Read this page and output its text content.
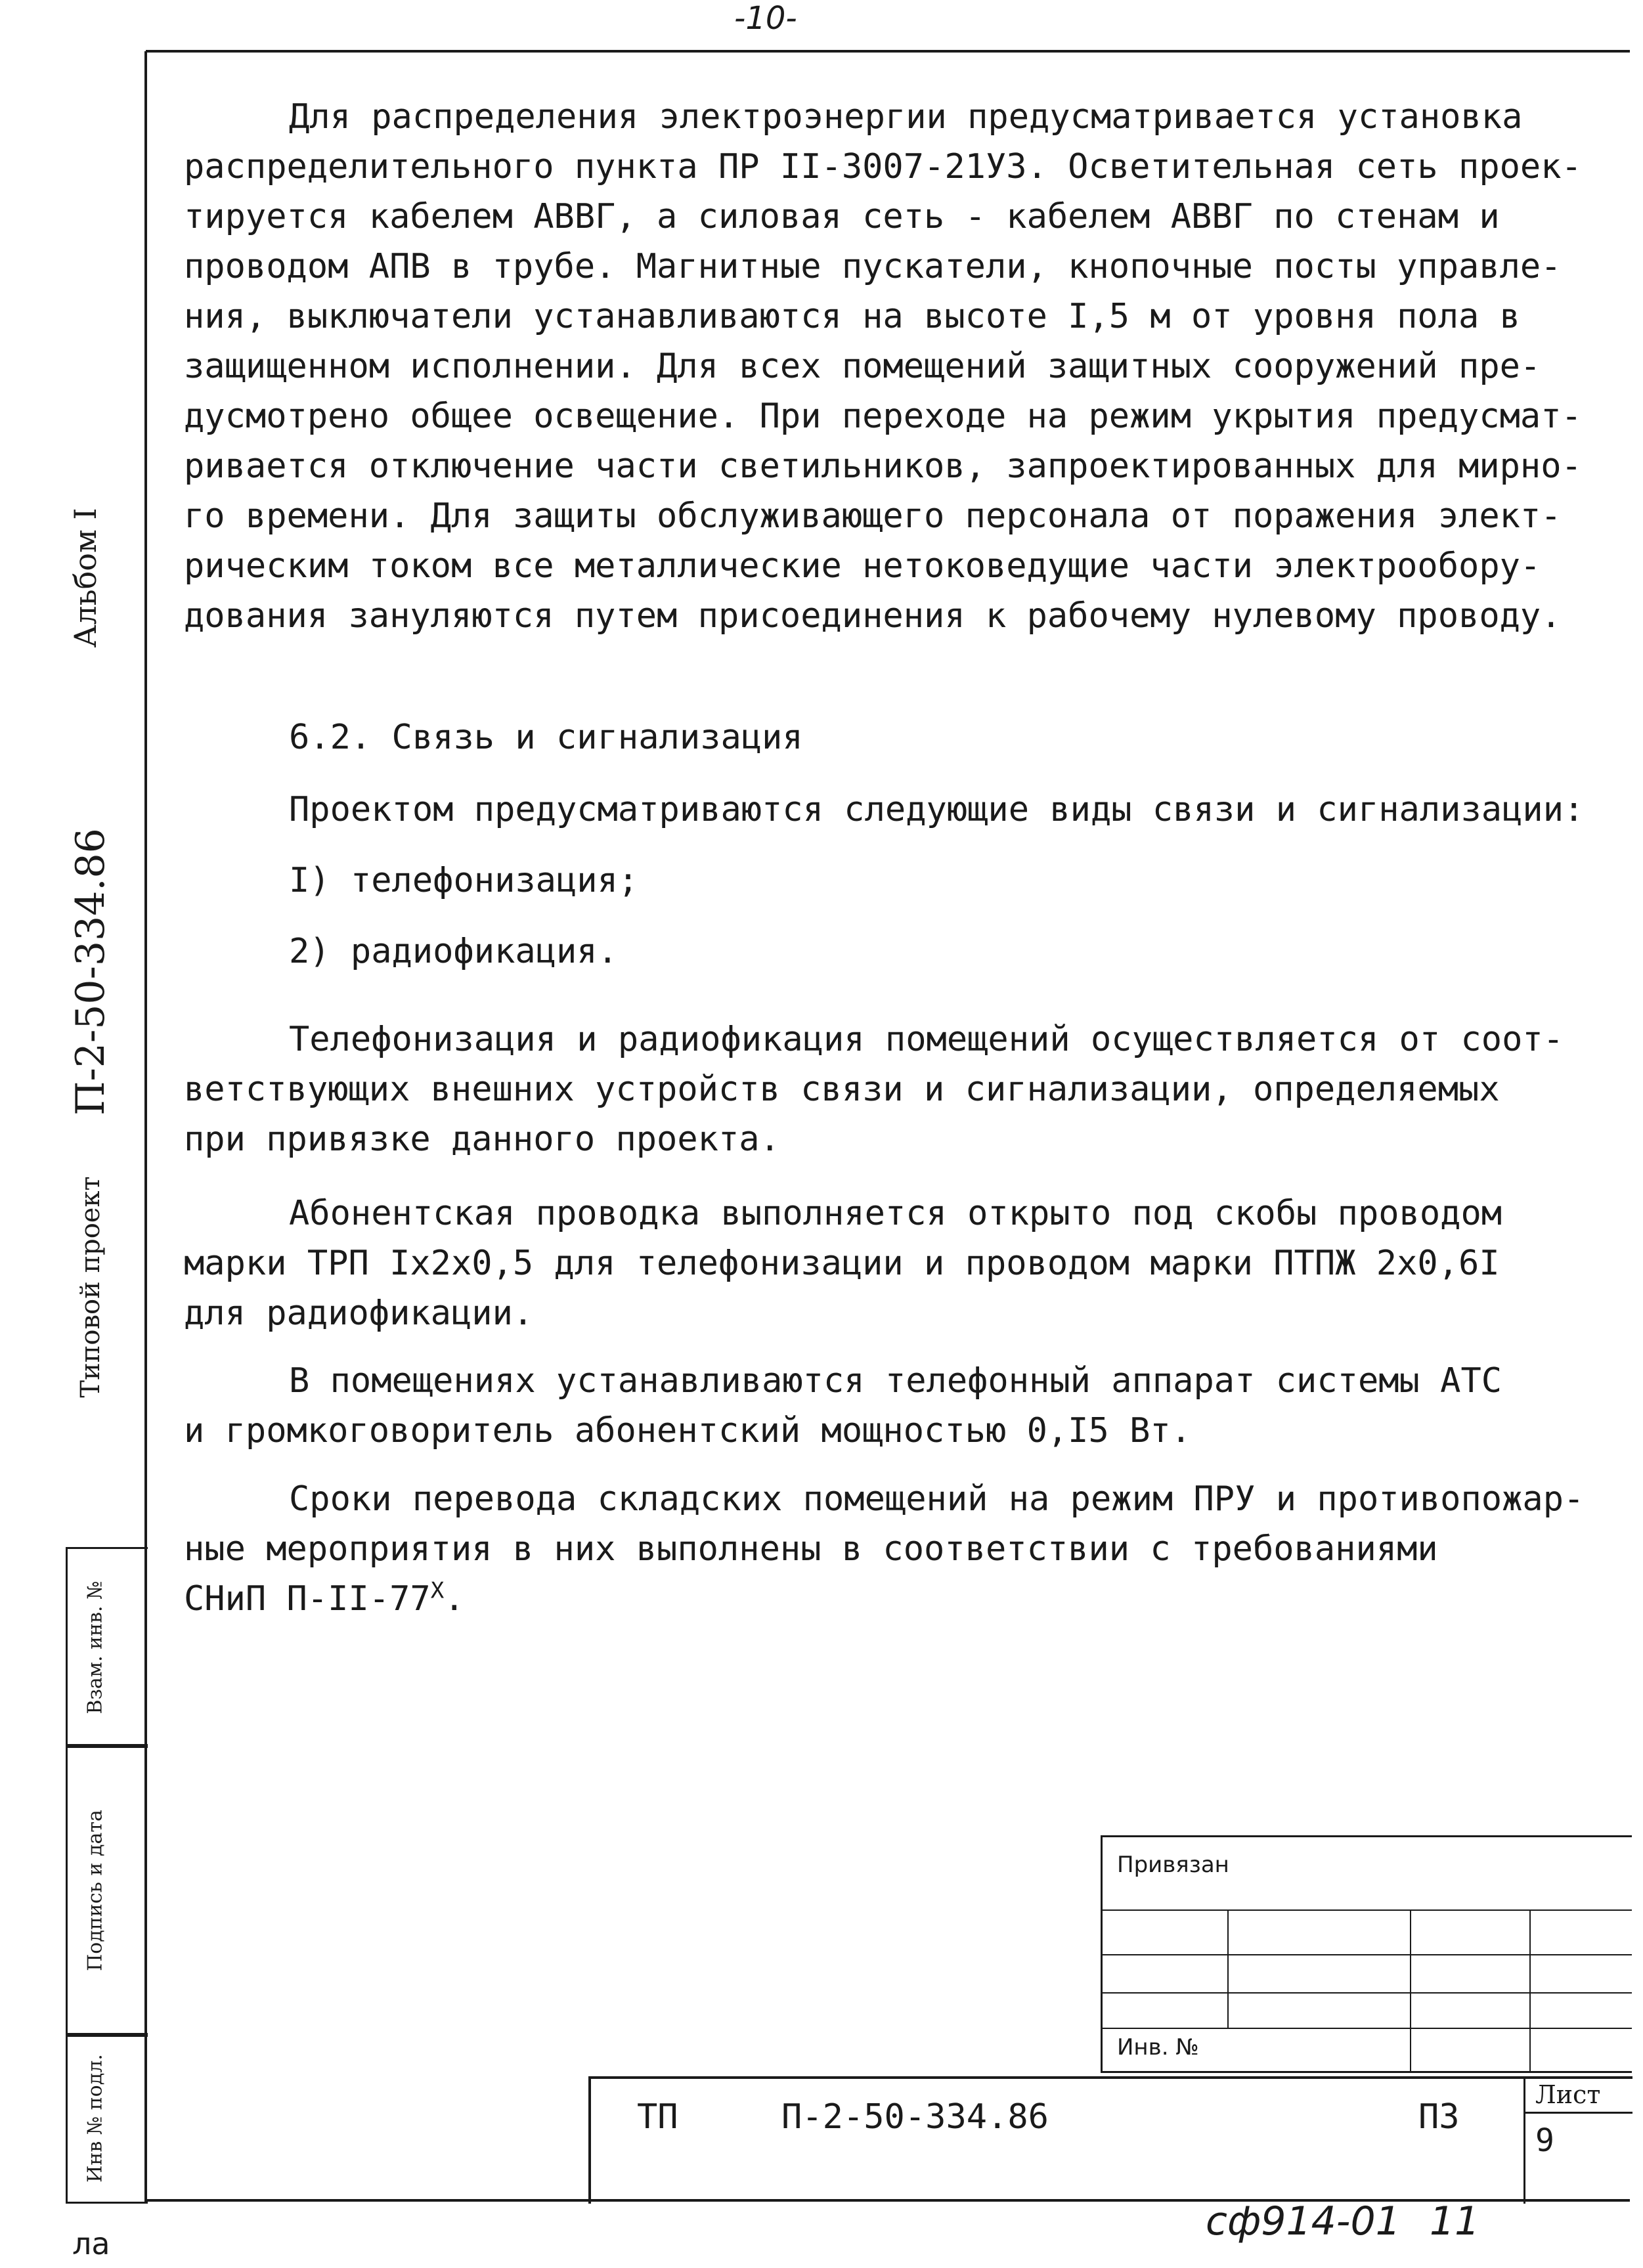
-10-
Альбом I
Типовой проект
П-2-50-334.86
Взам. инв. №
Подпись и дата
Инв № подл.
Для распределения электроэнергии предусматривается установка
распределительного пункта ПР II-3007-21УЗ. Осветительная сеть проек-
тируется кабелем АВВГ, а силовая сеть - кабелем АВВГ по стенам и
проводом АПВ в трубе. Магнитные пускатели, кнопочные посты управле-
ния, выключатели устанавливаются на высоте I,5 м от уровня пола в
защищенном исполнении. Для всех помещений защитных сооружений пре-
дусмотрено общее освещение. При переходе на режим укрытия предусмат-
ривается отключение части светильников, запроектированных для мирно-
го времени. Для защиты обслуживающего персонала от поражения элект-
рическим током все металлические нетоковедущие части электрообору-
дования зануляются путем присоединения к рабочему нулевому проводу.
6.2. Связь и сигнализация
Проектом предусматриваются следующие виды связи и сигнализации:
I) телефонизация;
2) радиофикация.
Телефонизация и радиофикация помещений осуществляется от соот-
ветствующих внешних устройств связи и сигнализации, определяемых
при привязке данного проекта.
Абонентская проводка выполняется открыто под скобы проводом
марки ТРП Iх2х0,5 для телефонизации и проводом марки ПТПЖ 2х0,6I
для радиофикации.
В помещениях устанавливаются телефонный аппарат системы АТС
и громкоговоритель абонентский мощностью 0,I5 Вт.
Сроки перевода складских помещений на режим ПРУ и противопожар-
ные мероприятия в них выполнены в соответствии с требованиями
СНиП $П-II-77^Х$.
Привязан
Инв. №
ТП	П-2-50-334.86	ПЗ
Лист
9
сф914-01 11
ла
